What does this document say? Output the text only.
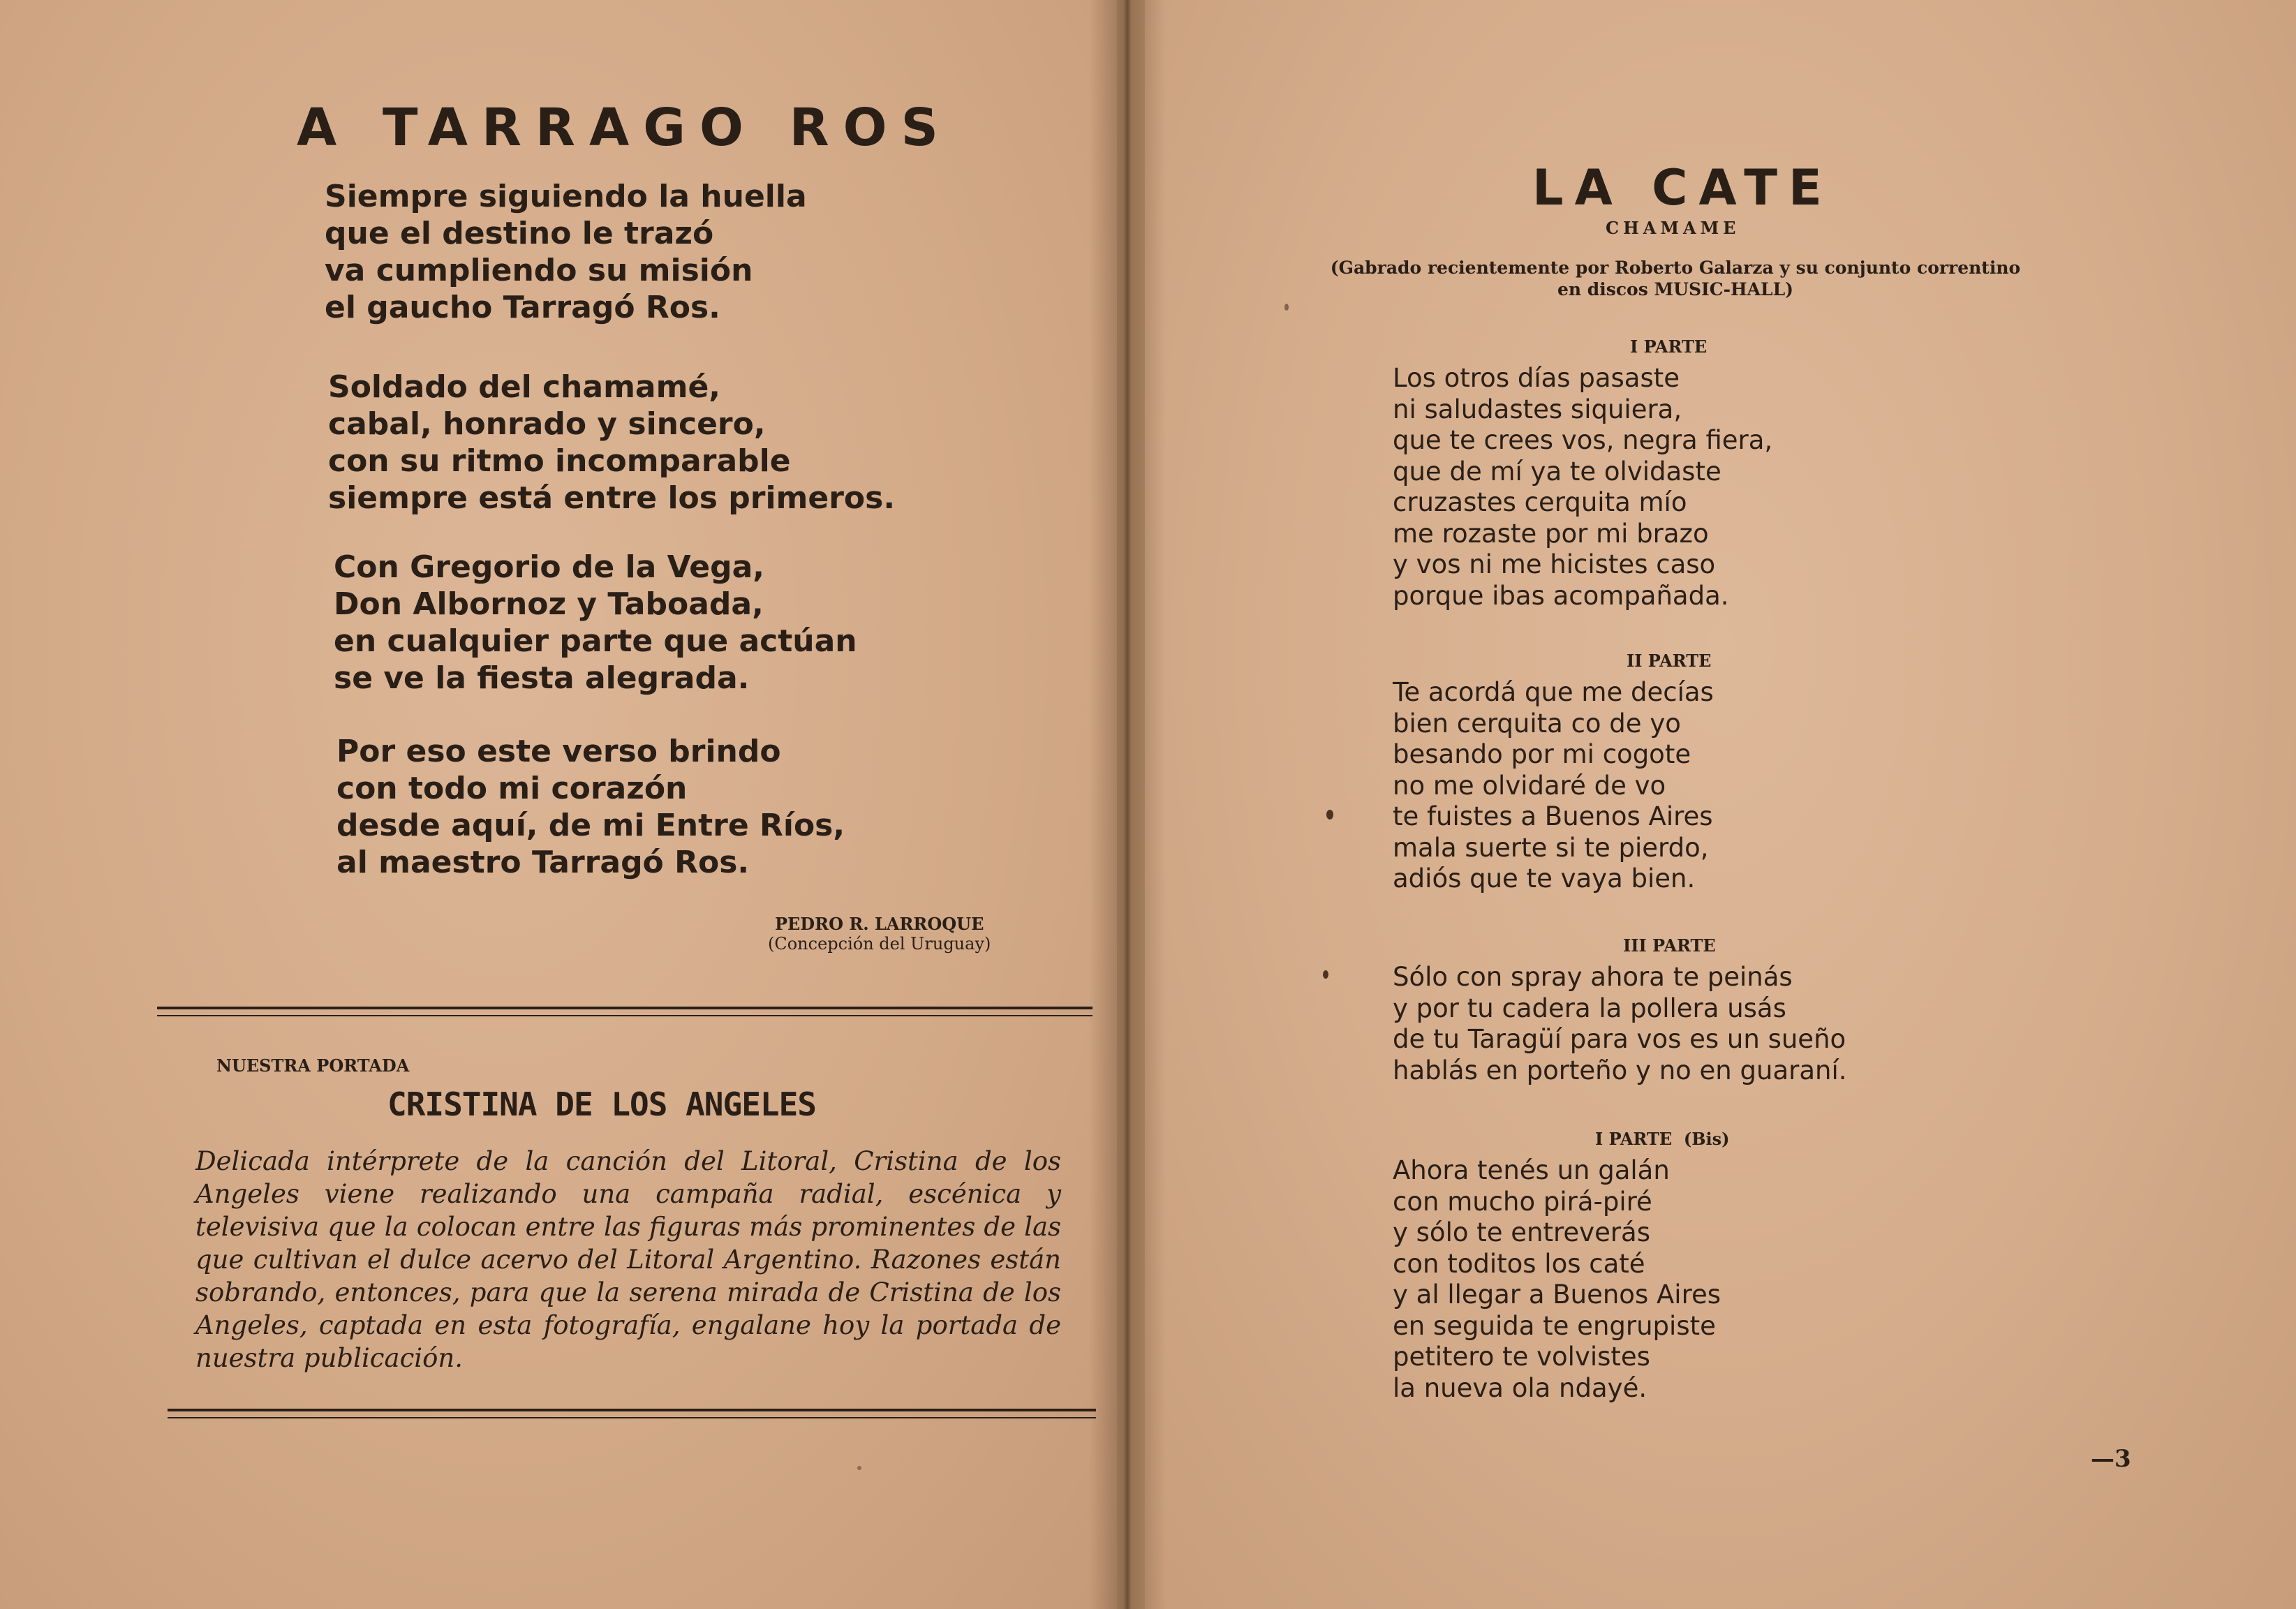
A TARRAGO ROS
Siempre siguiendo la huella
que el destino le trazó
va cumpliendo su misión
el gaucho Tarragó Ros.
Soldado del chamamé,
cabal, honrado y sincero,
con su ritmo incomparable
siempre está entre los primeros.
Con Gregorio de la Vega,
Don Albornoz y Taboada,
en cualquier parte que actúan
se ve la fiesta alegrada.
Por eso este verso brindo
con todo mi corazón
desde aquí, de mi Entre Ríos,
al maestro Tarragó Ros.
PEDRO R. LARROQUE
(Concepción del Uruguay)
NUESTRA PORTADA
CRISTINA DE LOS ANGELES
Delicada intérprete de la canción del Litoral, Cristina de los Angeles viene realizando una campaña radial, escénica y televisiva que la colocan entre las figuras más prominentes de las que cultivan el dulce acervo del Litoral Argentino. Razones están sobrando, entonces, para que la serena mirada de Cristina de los Angeles, captada en esta fotografía, engalane hoy la portada de nuestra publicación.
LA CATE
CHAMAME
(Gabrado recientemente por Roberto Galarza y su conjunto correntino
en discos MUSIC-HALL)
I PARTE
Los otros días pasaste
ni saludastes siquiera,
que te crees vos, negra fiera,
que de mí ya te olvidaste
cruzastes cerquita mío
me rozaste por mi brazo
y vos ni me hicistes caso
porque ibas acompañada.
II PARTE
Te acordá que me decías
bien cerquita co de yo
besando por mi cogote
no me olvidaré de vo
te fuistes a Buenos Aires
mala suerte si te pierdo,
adiós que te vaya bien.
III PARTE
Sólo con spray ahora te peinás
y por tu cadera la pollera usás
de tu Taragüí para vos es un sueño
hablás en porteño y no en guaraní.
I PARTE  (Bis)
Ahora tenés un galán
con mucho pirá-piré
y sólo te entreverás
con toditos los caté
y al llegar a Buenos Aires
en seguida te engrupiste
petitero te volvistes
la nueva ola ndayé.
—3
